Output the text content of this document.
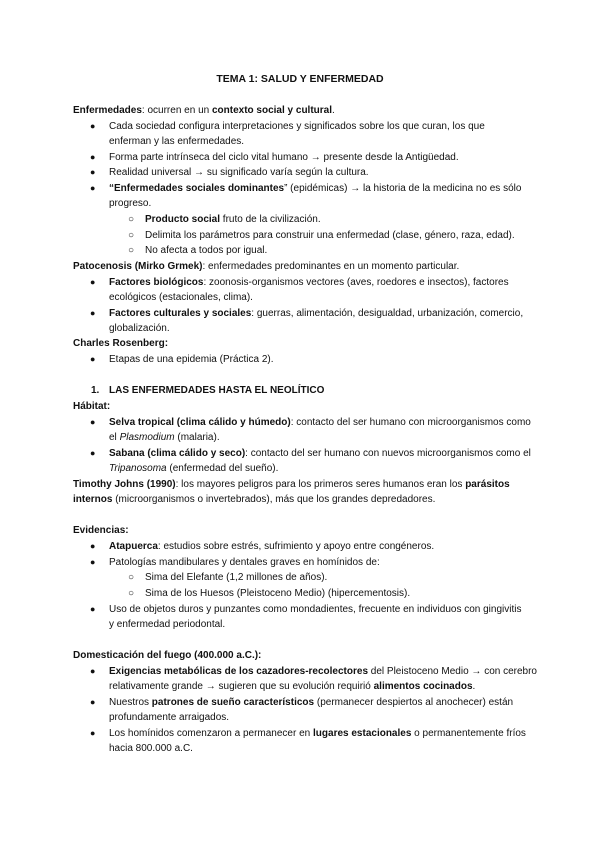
TEMA 1: SALUD Y ENFERMEDAD
Enfermedades: ocurren en un contexto social y cultural.
● Cada sociedad configura interpretaciones y significados sobre los que curan, los que
enferman y las enfermedades.
● Forma parte intrínseca del ciclo vital humano → presente desde la Antigüedad.
● Realidad universal → su significado varía según la cultura.
● “Enfermedades sociales dominantes” (epidémicas) → la historia de la medicina no es sólo
progreso.
○ Producto social fruto de la civilización.
○ Delimita los parámetros para construir una enfermedad (clase, género, raza, edad).
○ No afecta a todos por igual.
Patocenosis (Mirko Grmek): enfermedades predominantes en un momento particular.
● Factores biológicos: zoonosis-organismos vectores (aves, roedores e insectos), factores
ecológicos (estacionales, clima).
● Factores culturales y sociales: guerras, alimentación, desigualdad, urbanización, comercio,
globalización.
Charles Rosenberg:
● Etapas de una epidemia (Práctica 2).
1. LAS ENFERMEDADES HASTA EL NEOLÍTICO
Hábitat:
● Selva tropical (clima cálido y húmedo): contacto del ser humano con microorganismos como
el Plasmodium (malaria).
● Sabana (clima cálido y seco): contacto del ser humano con nuevos microorganismos como el
Tripanosoma (enfermedad del sueño).
Timothy Johns (1990): los mayores peligros para los primeros seres humanos eran los parásitos
internos (microorganismos o invertebrados), más que los grandes depredadores.
Evidencias:
● Atapuerca: estudios sobre estrés, sufrimiento y apoyo entre congéneros.
● Patologías mandibulares y dentales graves en homínidos de:
○ Sima del Elefante (1,2 millones de años).
○ Sima de los Huesos (Pleistoceno Medio) (hipercementosis).
● Uso de objetos duros y punzantes como mondadientes, frecuente en individuos con gingivitis
y enfermedad periodontal.
Domesticación del fuego (400.000 a.C.):
● Exigencias metabólicas de los cazadores-recolectores del Pleistoceno Medio → con cerebro
relativamente grande → sugieren que su evolución requirió alimentos cocinados.
● Nuestros patrones de sueño característicos (permanecer despiertos al anochecer) están
profundamente arraigados.
● Los homínidos comenzaron a permanecer en lugares estacionales o permanentemente fríos
hacia 800.000 a.C.
